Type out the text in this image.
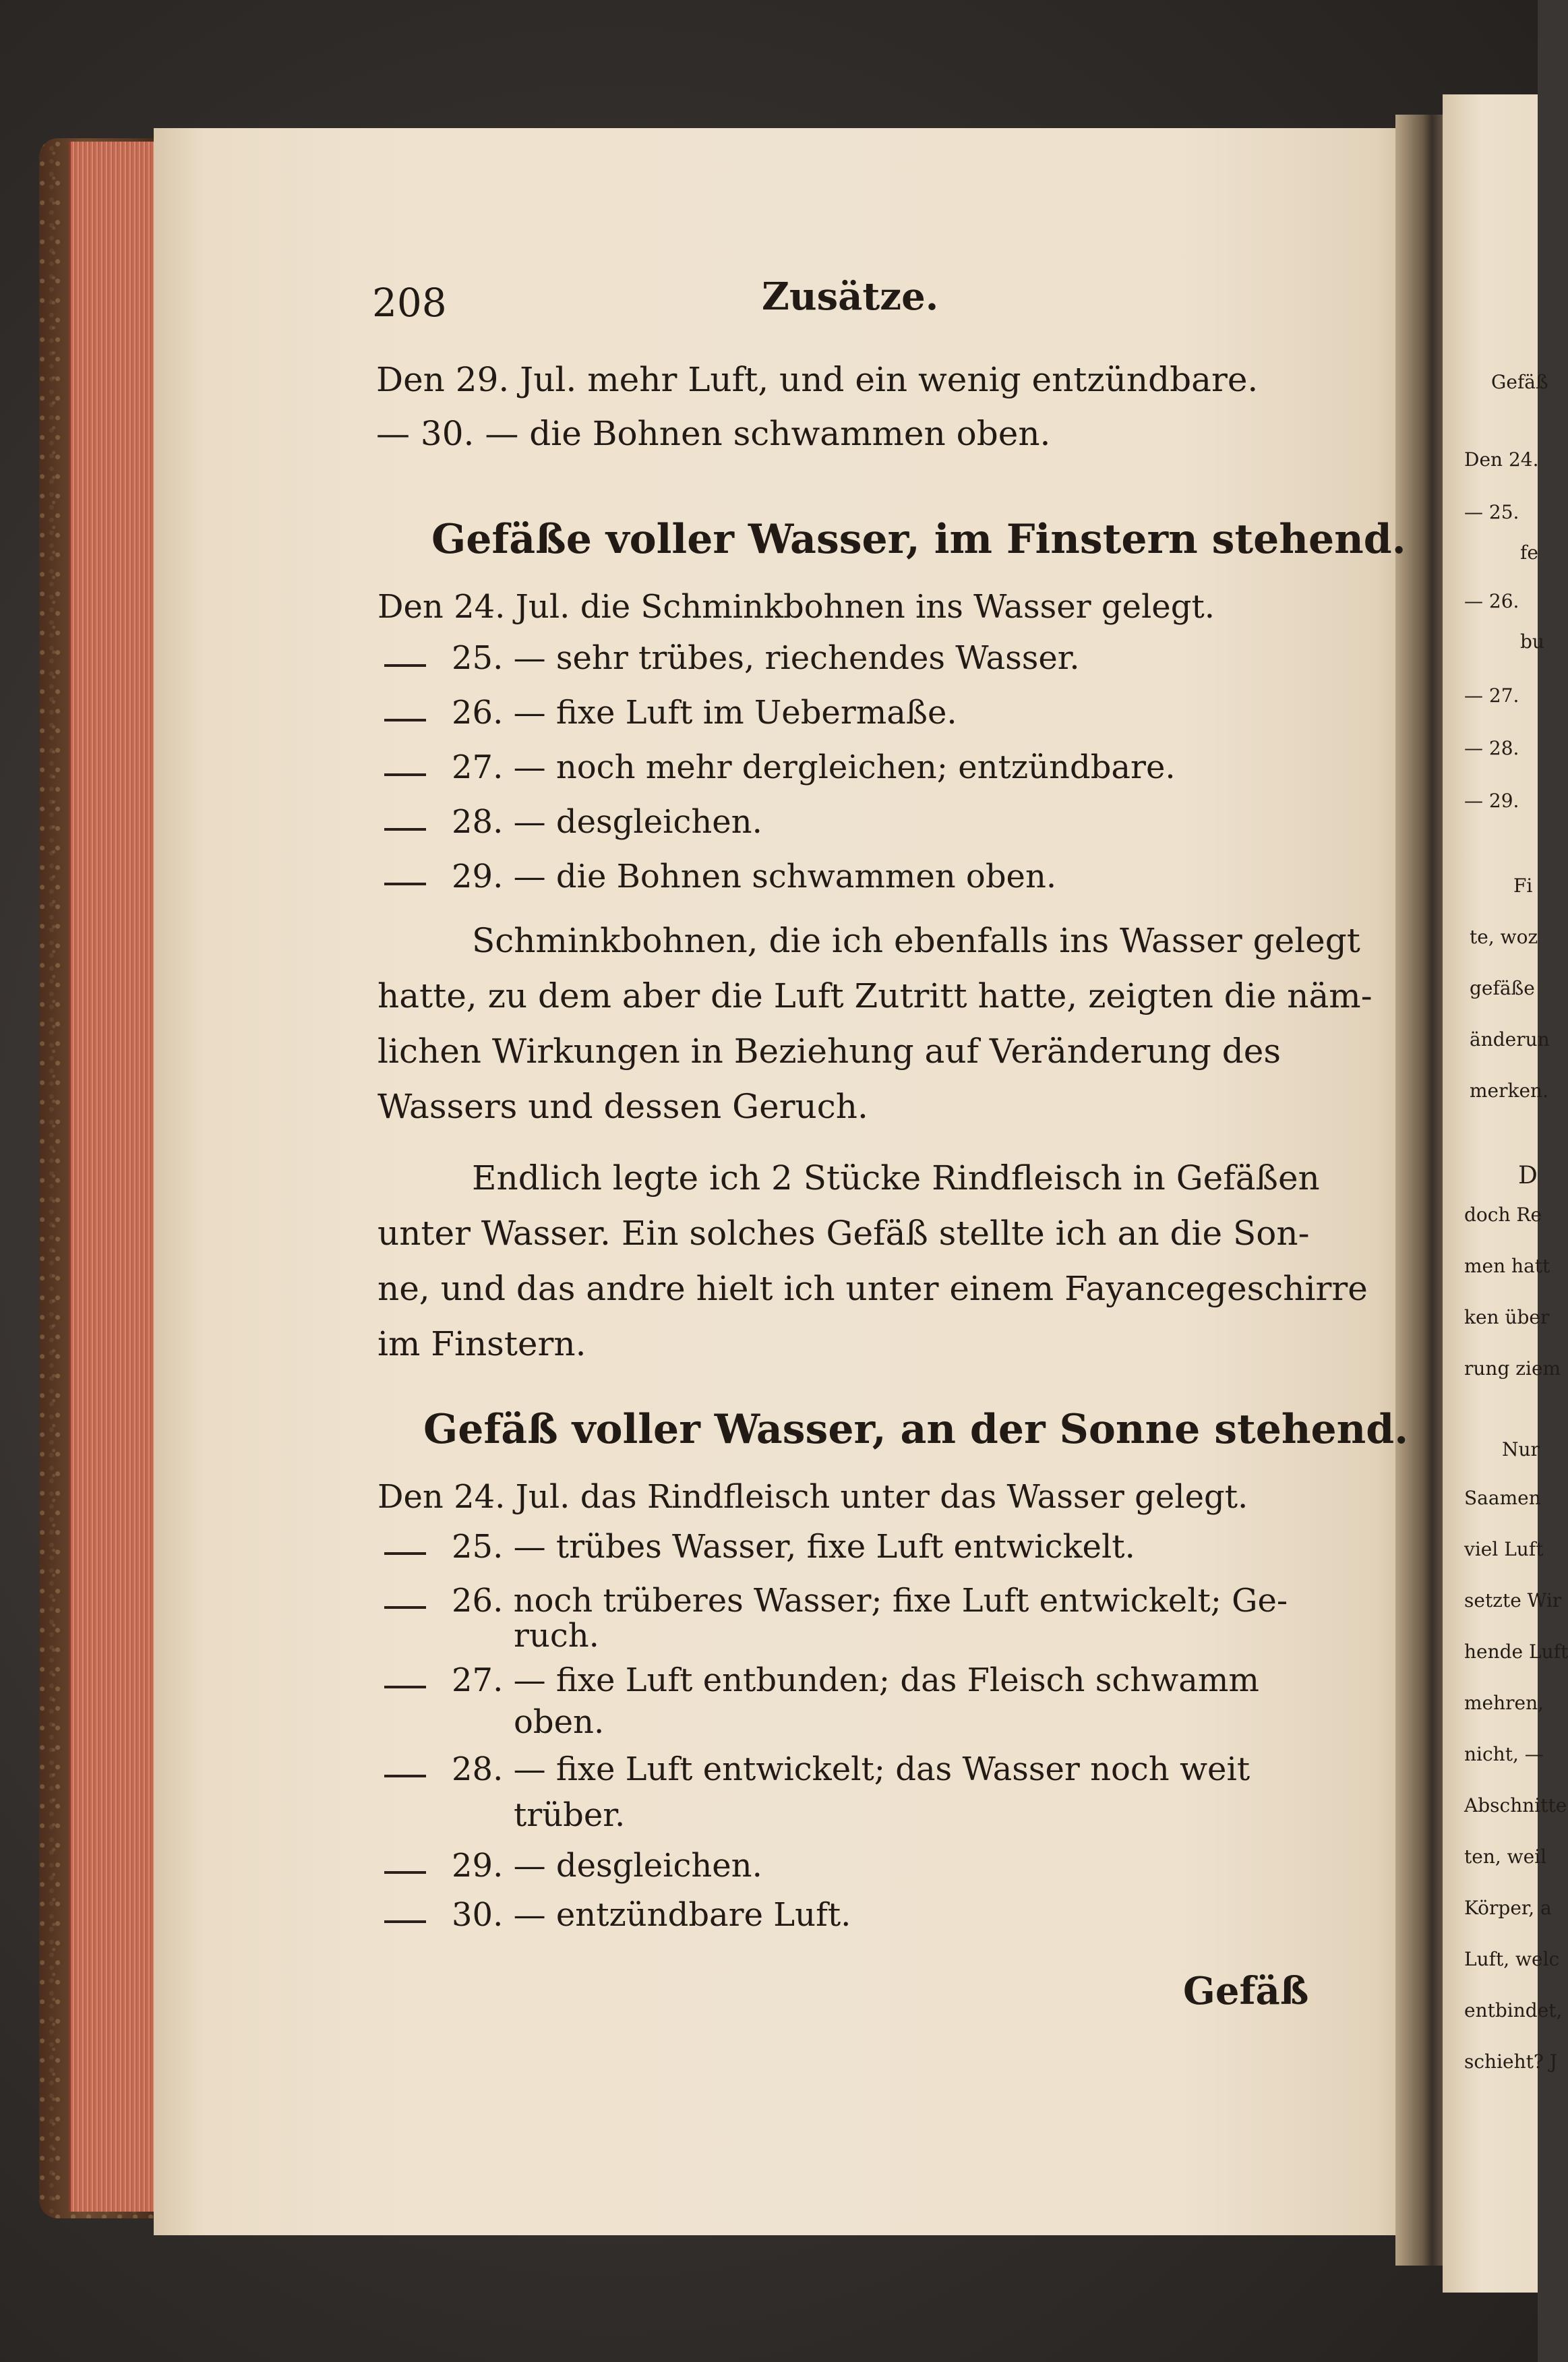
208	Zusätze.

Den 29. Jul. mehr Luft, und ein wenig entzündbare.

— 30. — die Bohnen schwammen oben.

Gefäße voller Wasser, im Finstern stehend.

Den 24. Jul. die Schminkbohnen ins Wasser gelegt.

25. — sehr trübes, riechendes Wasser.

26. — fixe Luft im Uebermaße.

27. — noch mehr dergleichen; entzündbare.

28. — desgleichen.

29. — die Bohnen schwammen oben.

Schminkbohnen, die ich ebenfalls ins Wasser gelegt

hatte, zu dem aber die Luft Zutritt hatte, zeigten die näm-

lichen Wirkungen in Beziehung auf Veränderung des

Wassers und dessen Geruch.

Endlich legte ich 2 Stücke Rindfleisch in Gefäßen

unter Wasser. Ein solches Gefäß stellte ich an die Son-

ne, und das andre hielt ich unter einem Fayancegeschirre

im Finstern.

Gefäß voller Wasser, an der Sonne stehend.

Den 24. Jul. das Rindfleisch unter das Wasser gelegt.

25. — trübes Wasser, fixe Luft entwickelt.

26. noch trüberes Wasser; fixe Luft entwickelt; Ge-

ruch.

27. — fixe Luft entbunden; das Fleisch schwamm

oben.

28. — fixe Luft entwickelt; das Wasser noch weit

trüber.

29. — desgleichen.

30. — entzündbare Luft.

Gefäß

Gefäß

Den 24.

— 25.

fe

— 26.

bu

— 27.

— 28.

— 29.

Fi

te, woz

gefäße

änderun

merken.

D

doch Re

men hatt

ken über

rung ziem

Nur

Saamen

viel Luft

setzte Wir

hende Luft

mehren,

nicht, —

Abschnitte

ten, weil

Körper, a

Luft, welc

entbindet,

schieht? J
